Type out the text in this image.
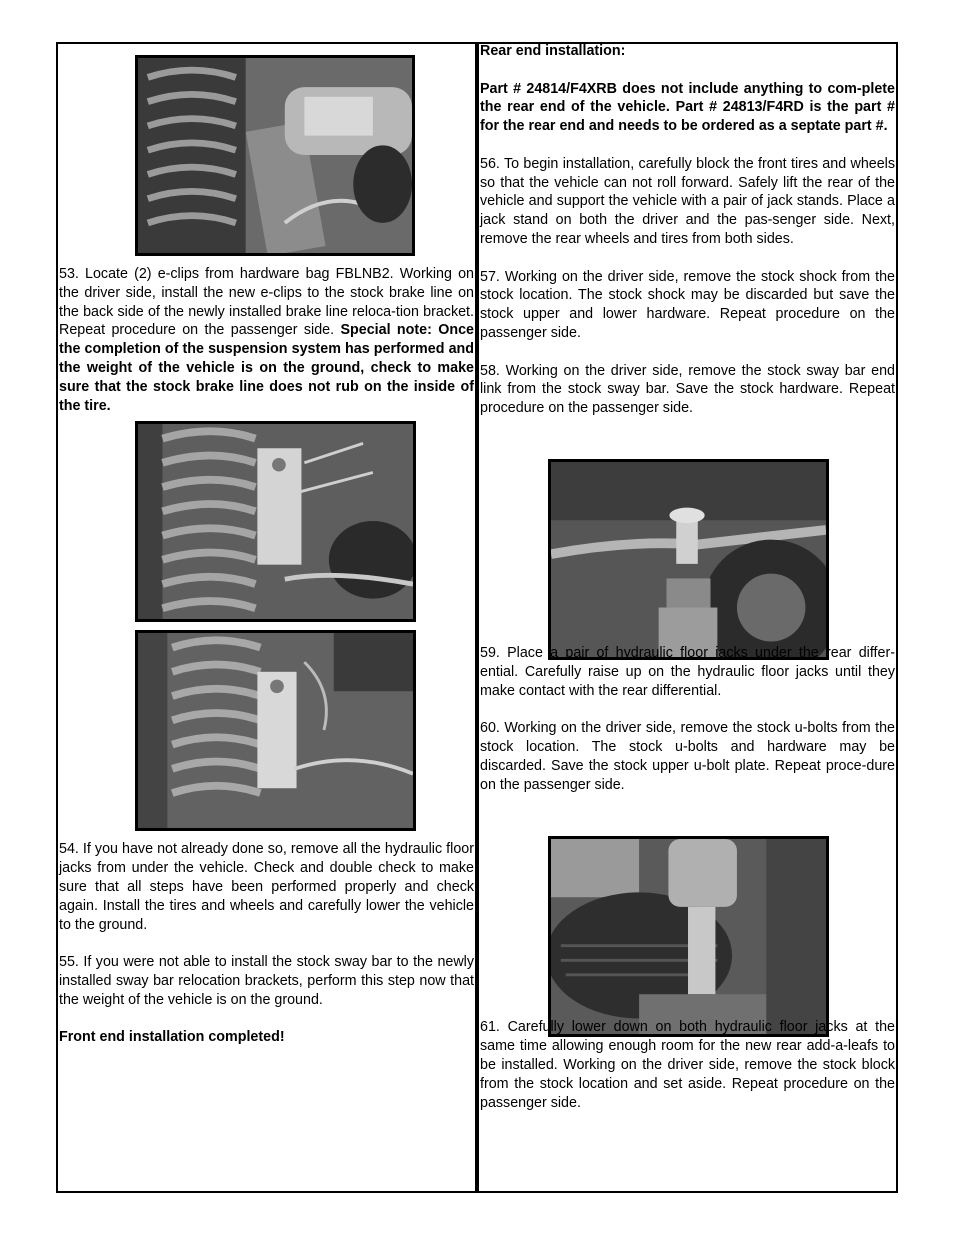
53. Locate (2) e-clips from hardware bag FBLNB2. Working on the driver side, install the new e-clips to the stock brake line on the back side of the newly installed brake line reloca-tion bracket. Repeat procedure on the passenger side. Special note: Once the completion of the suspension system has performed and the weight of the vehicle is on the ground, check to make sure that the stock brake line does not rub on the inside of the tire.

54. If you have not already done so, remove all the hydraulic floor jacks from under the vehicle. Check and double check to make sure that all steps have been performed properly and check again. Install the tires and wheels and carefully lower the vehicle to the ground.

55. If you were not able to install the stock sway bar to the newly installed sway bar relocation brackets, perform this step now that the weight of the vehicle is on the ground.

Front end installation completed!

Rear end installation:

Part # 24814/F4XRB does not include anything to com-plete the rear end of the vehicle. Part # 24813/F4RD is the part # for the rear end and needs to be ordered as a septate part #.

56. To begin installation, carefully block the front tires and wheels so that the vehicle can not roll forward. Safely lift the rear of the vehicle and support the vehicle with a pair of jack stands. Place a jack stand on both the driver and the pas-senger side. Next, remove the rear wheels and tires from both sides.

57. Working on the driver side, remove the stock shock from the stock location. The stock shock may be discarded but save the stock upper and lower hardware. Repeat procedure on the passenger side.

58. Working on the driver side, remove the stock sway bar end link from the stock sway bar. Save the stock hardware. Repeat procedure on the passenger side.

59. Place a pair of hydraulic floor jacks under the rear differ-ential. Carefully raise up on the hydraulic floor jacks until they make contact with the rear differential.

60. Working on the driver side, remove the stock u-bolts from the stock location. The stock u-bolts and hardware may be discarded. Save the stock upper u-bolt plate. Repeat proce-dure on the passenger side.

61. Carefully lower down on both hydraulic floor jacks at the same time allowing enough room for the new rear add-a-leafs to be installed. Working on the driver side, remove the stock block from the stock location and set aside. Repeat procedure on the passenger side.
